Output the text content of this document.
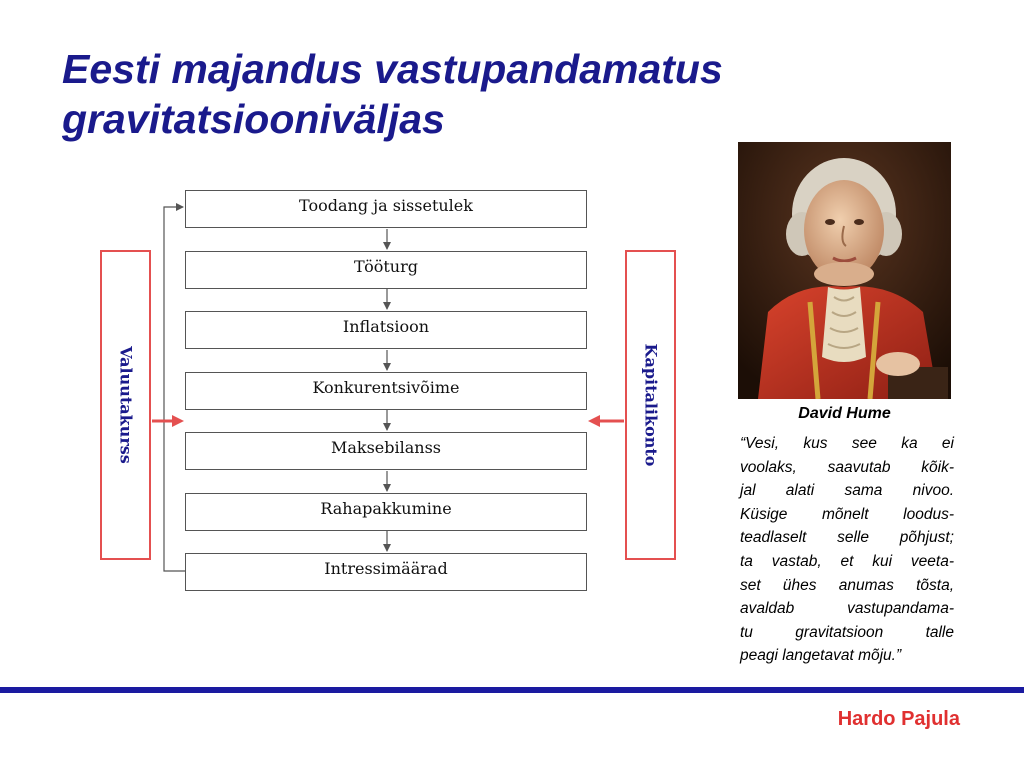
Eesti majandus vastupandamatus
gravitatsiooniväljas
Toodang ja sissetulek
Tööturg
Inflatsioon
Konkurentsivõime
Maksebilanss
Rahapakkumine
Intressimäärad
Valuutakurss	Kapitalikonto	David Hume
“Vesi, kus see ka ei
voolaks, saavutab kõik-
jal alati sama nivoo.
Küsige mõnelt loodus-
teadlaselt selle põhjust;
ta vastab, et kui veeta-
set ühes anumas tõsta,
avaldab vastupandama-
tu gravitatsioon talle
peagi langetavat mõju.”
Hardo Pajula
